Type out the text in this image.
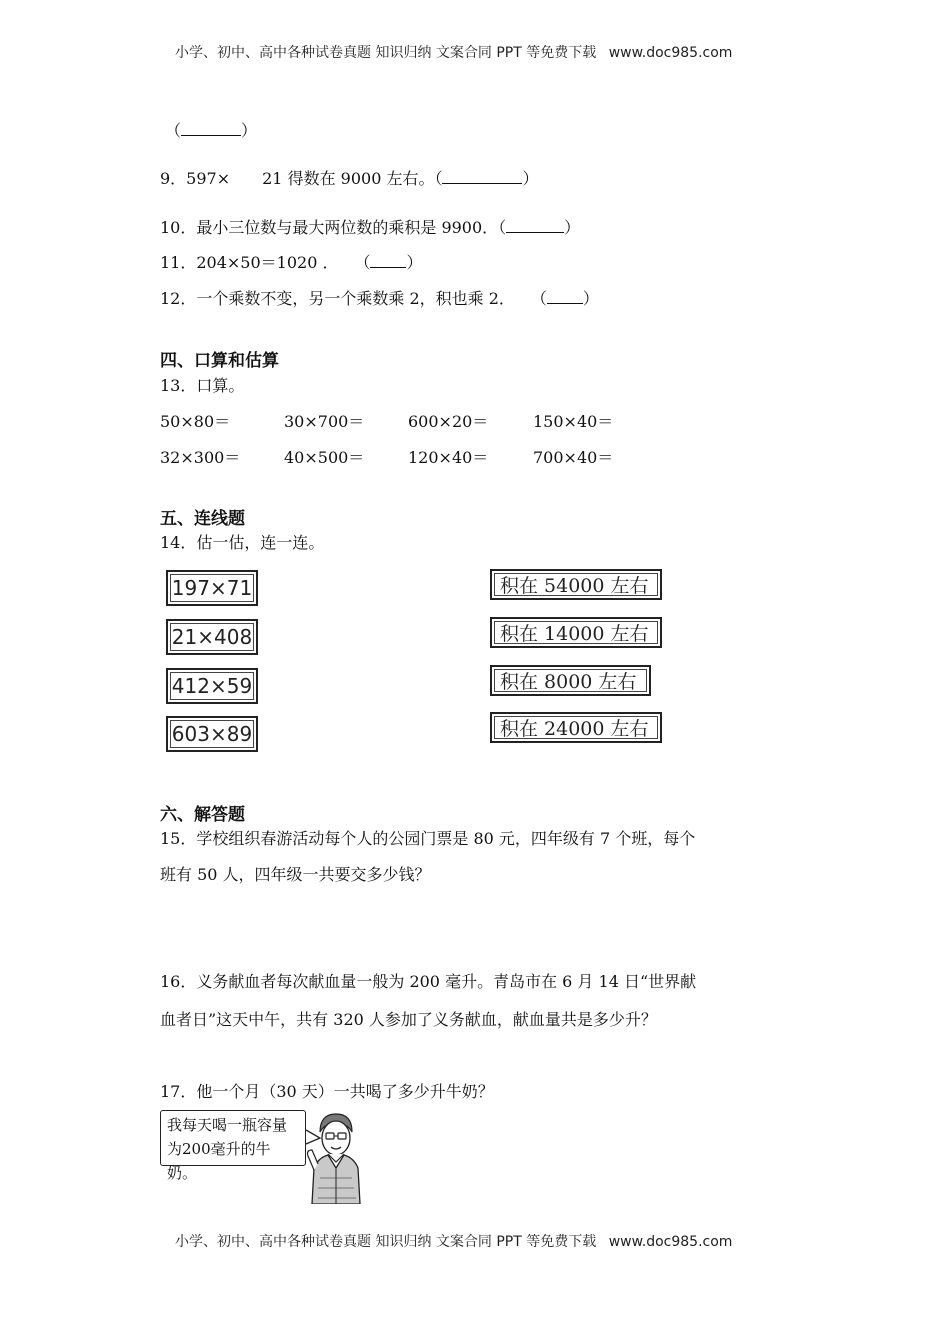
小学、初中、高中各种试卷真题 知识归纳 文案合同 PPT 等免费下载 www.doc985.com
（	）
9．597×　　21 得数在 9000 左右。（	）
10．最小三位数与最大两位数的乘积是 9900．（	）
11．204×50＝1020 ．　　（ ）
12．一个乘数不变，另一个乘数乘 2，积也乘 2．　　（ ）
四、口算和估算
13．口算。
50×80＝	30×700＝	600×20＝	150×40＝
32×300＝	40×500＝	120×40＝	700×40＝
五、连线题
14．估一估，连一连。
197×71
21×408
412×59
603×89
积在 54000 左右
积在 14000 左右
积在 8000 左右
积在 24000 左右
六、解答题
15．学校组织春游活动每个人的公园门票是 80 元，四年级有 7 个班，每个
班有 50 人，四年级一共要交多少钱？
16．义务献血者每次献血量一般为 200 毫升。青岛市在 6 月 14 日“世界献
血者日”这天中午，共有 320 人参加了义务献血，献血量共是多少升？
17．他一个月（30 天）一共喝了多少升牛奶？
我每天喝一瓶容量
为200毫升的牛奶。
小学、初中、高中各种试卷真题 知识归纳 文案合同 PPT 等免费下载 www.doc985.com
